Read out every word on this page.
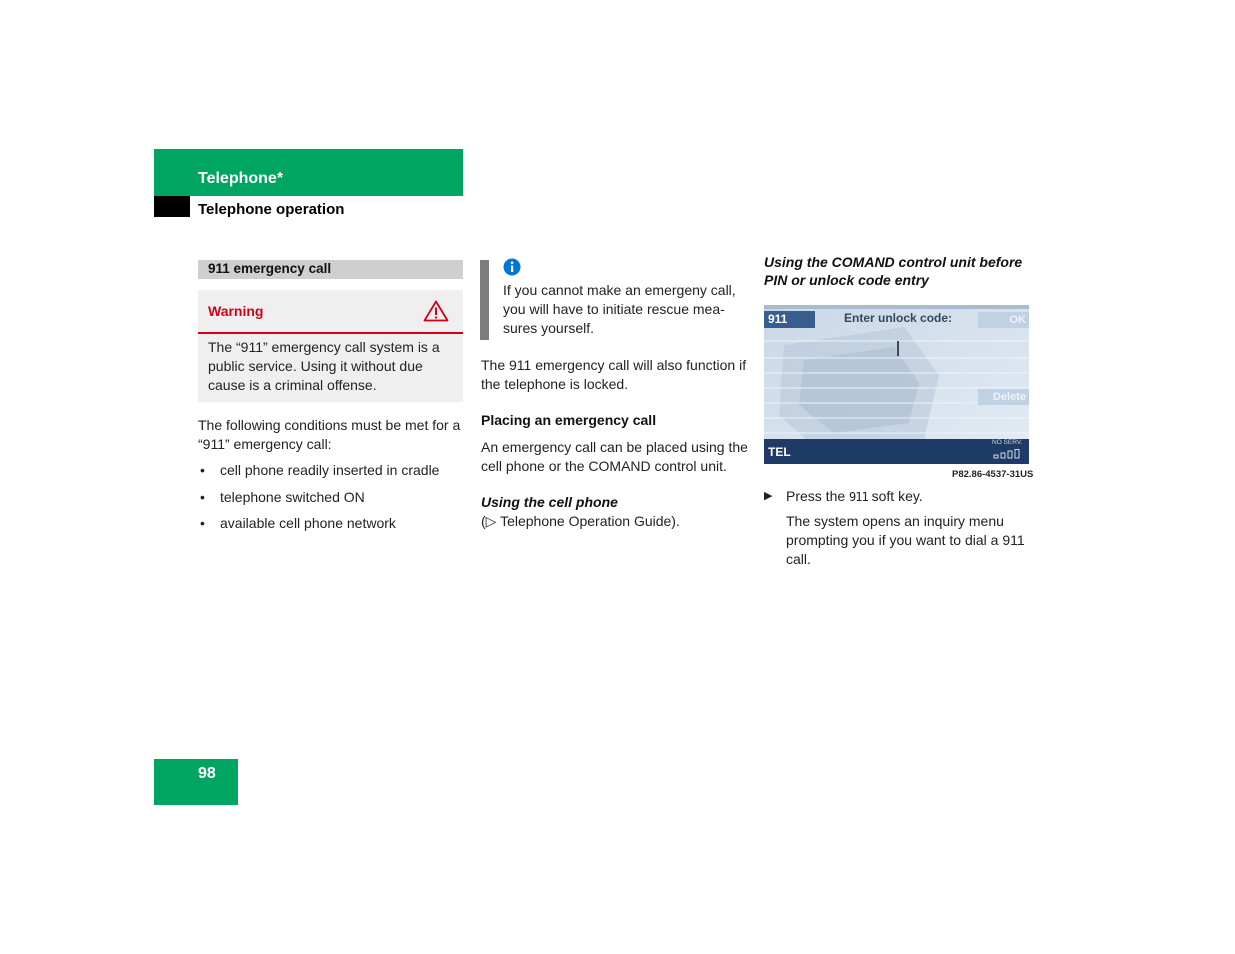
Telephone*
Telephone operation
911 emergency call
Warning
The “911” emergency call system is a public service. Using it without due cause is a criminal offense.
The following conditions must be met for a “911” emergency call:
• cell phone readily inserted in cradle
• telephone switched ON
• available cell phone network
If you cannot make an emergeny call, you will have to initiate rescue mea-sures yourself.
The 911 emergency call will also function if the telephone is locked.
Placing an emergency call
An emergency call can be placed using the cell phone or the COMAND control unit.
Using the cell phone
(▷ Telephone Operation Guide).
Using the COMAND control unit before PIN or unlock code entry
911	Enter unlock code:	OK
Delete
TEL
NO SERV.
P82.86-4537-31US
▶ Press the 911 soft key.
The system opens an inquiry menu prompting you if you want to dial a 911 call.
98
